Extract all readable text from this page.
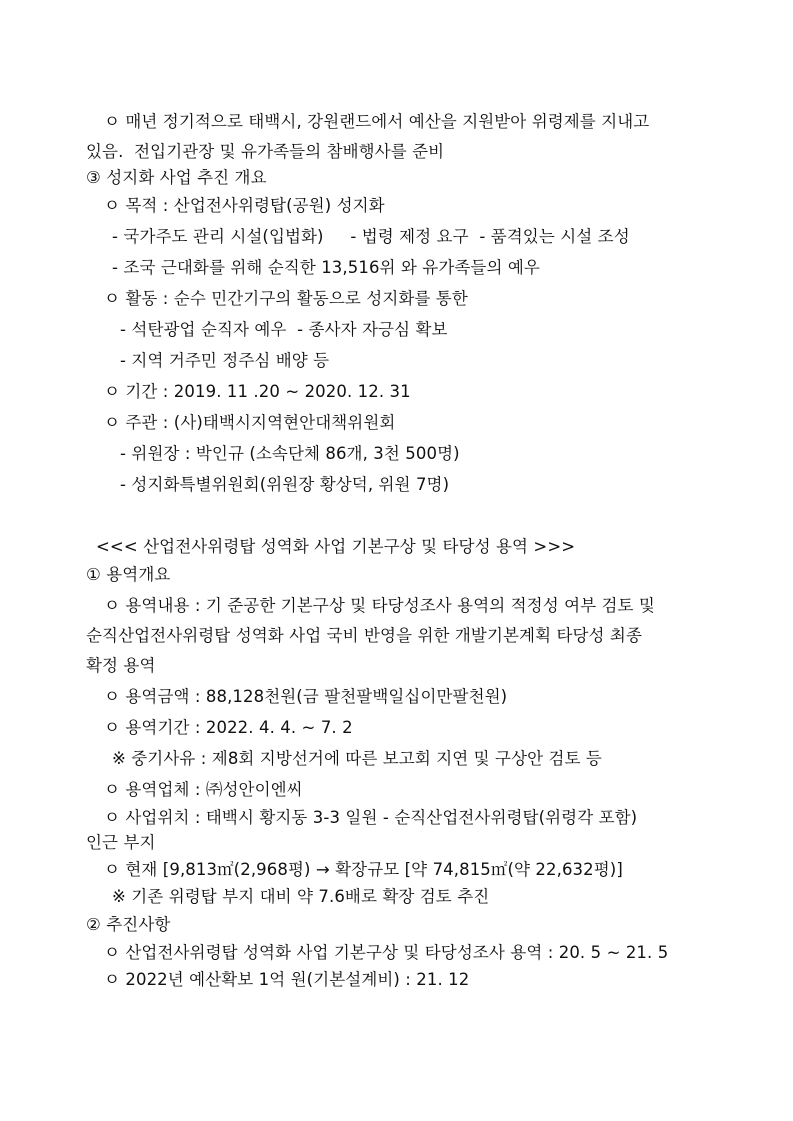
ㅇ 매년 정기적으로 태백시, 강원랜드에서 예산을 지원받아 위령제를 지내고
있음.  전입기관장 및 유가족들의 참배행사를 준비
③ 성지화 사업 추진 개요
ㅇ 목적 : 산업전사위령탑(공원) 성지화
- 국가주도 관리 시설(입법화)     - 법령 제정 요구  - 품격있는 시설 조성
- 조국 근대화를 위해 순직한 13,516위 와 유가족들의 예우
ㅇ 활동 : 순수 민간기구의 활동으로 성지화를 통한
- 석탄광업 순직자 예우  - 종사자 자긍심 확보
- 지역 거주민 정주심 배양 등
ㅇ 기간 : 2019. 11 .20 ~ 2020. 12. 31
ㅇ 주관 : (사)태백시지역현안대책위원회
- 위원장 : 박인규 (소속단체 86개, 3천 500명)
- 성지화특별위원회(위원장 황상덕, 위원 7명)
<<< 산업전사위령탑 성역화 사업 기본구상 및 타당성 용역 >>>
① 용역개요
ㅇ 용역내용 : 기 준공한 기본구상 및 타당성조사 용역의 적정성 여부 검토 및
순직산업전사위령탑 성역화 사업 국비 반영을 위한 개발기본계획 타당성 최종
확정 용역
ㅇ 용역금액 : 88,128천원(금 팔천팔백일십이만팔천원)
ㅇ 용역기간 : 2022. 4. 4. ~ 7. 2
※ 중기사유 : 제8회 지방선거에 따른 보고회 지연 및 구상안 검토 등
ㅇ 용역업체 : ㈜성안이엔씨
ㅇ 사업위치 : 태백시 황지동 3-3 일원 - 순직산업전사위령탑(위령각 포함)
인근 부지
ㅇ 현재 [9,813㎡(2,968평) → 확장규모 [약 74,815㎡(약 22,632평)]
※ 기존 위령탑 부지 대비 약 7.6배로 확장 검토 추진
② 추진사항
ㅇ 산업전사위령탑 성역화 사업 기본구상 및 타당성조사 용역 : 20. 5 ~ 21. 5
ㅇ 2022년 예산확보 1억 원(기본설계비) : 21. 12
